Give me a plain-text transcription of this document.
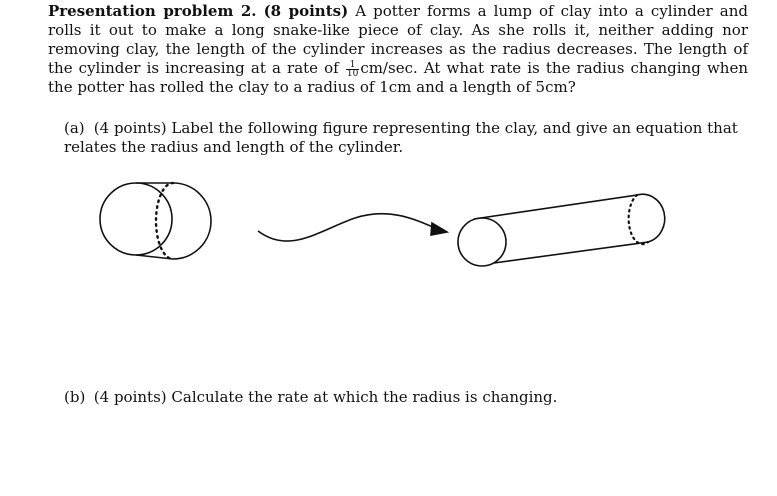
Presentation problem 2. (8 points) A potter forms a lump of clay into a cylinder and rolls it out to make a long snake-like piece of clay. As she rolls it, neither adding nor removing clay, the length of the cylinder increases as the radius decreases. The length of the cylinder is increasing at a rate of $\frac{1}{10} cm/\sec$. At what rate is the radius changing when the potter has rolled the clay to a radius of 1cm and a length of 5cm?
(a) (4 points) Label the following figure representing the clay, and give an equation that relates the radius and length of the cylinder.
(b) (4 points) Calculate the rate at which the radius is changing.
